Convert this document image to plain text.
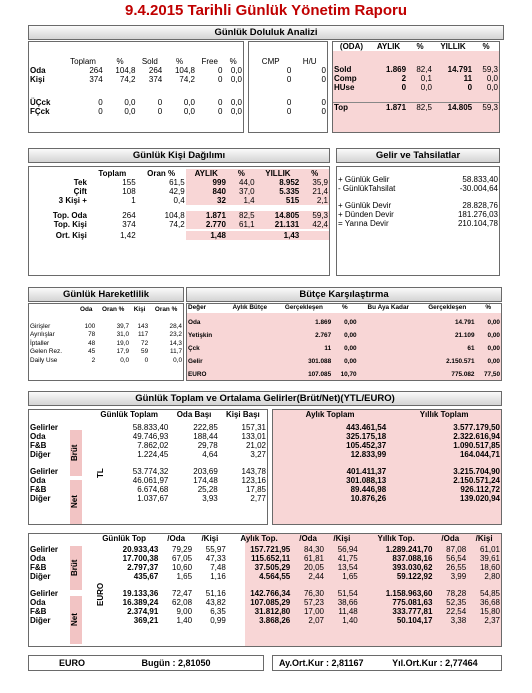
9.4.2015 Tarihli Günlük Yönetim Raporu
Günlük Doluluk Analizi
	Toplam	%	Sold	%	Free	%
Oda	264	104,8	264	104,8	0	0,0
Kişi	374	74,2	374	74,2	0	0,0

ÜÇck	0	0,0	0	0,0	0	0,0
FÇck	0	0,0	0	0,0	0	0,0
CMP	H/U
0	0
0	0

0	0
0	0
(ODA)	AYLIK	%	YILLIK	%

Sold	1.869	82,4	14.791	59,3
Comp	2	0,1	11	0,0
HUse	0	0,0	0	0,0

Top	1.871	82,5	14.805	59,3
Günlük Kişi Dağılımı
	Toplam	Oran %	AYLIK	%	YILLIK	%
Tek	155	61,5	999	44,0	8.952	35,9
Çift	108	42,9	840	37,0	5.335	21,4
3 Kişi +	1	0,4	32	1,4	515	2,1

Top. Oda	264	104,8	1.871	82,5	14.805	59,3
Top. Kişi	374	74,2	2.770	61,1	21.131	42,4

Ort. Kişi	1,42		1,48		1,43	
Gelir ve Tahsilatlar
+ Günlük Gelir	58.833,40
- GünlükTahsilat	-30.004,64

+ Günlük Devir	28.828,76
+ Dünden Devir	181.276,03
= Yarına Devir	210.104,78
Günlük Hareketlilik
	Oda	Oran %	Kişi	Oran %

Girişler	100	39,7	143	28,4
Ayrılışlar	78	31,0	117	23,2
İptaller	48	19,0	72	14,3
Gelen Rez.	45	17,9	59	11,7
Daily Use	2	0,0	0	0,0
Bütçe Karşılaştırma
Değer	Aylık Bütçe	Gerçekleşen	%	Bu Aya Kadar	Gerçekleşen	%

Oda		1.869	0,00		14.791	0,00
Yetişkin		2.767	0,00		21.109	0,00
Çck		11	0,00		61	0,00
Gelir		301.088	0,00		2.150.571	0,00
EURO		107.085	10,70		775.082	77,50
Günlük Toplam ve Ortalama Gelirler(Brüt/Net)(YTL/EURO)
Brüt
Net
TL
	Günlük Toplam	Oda Başı	Kişi Başı

Gelirler	58.833,40	222,85	157,31
Oda	49.746,93	188,44	133,01
F&B	7.862,02	29,78	21,02
Diğer	1.224,45	4,64	3,27

Gelirler	53.774,32	203,69	143,78
Oda	46.061,97	174,48	123,16
F&B	6.674,68	25,28	17,85
Diğer	1.037,67	3,93	2,77
Aylık Toplam	Yıllık Toplam

443.461,54	3.577.179,50
325.175,18	2.322.616,94
105.452,37	1.090.517,85
12.833,99	164.044,71

401.411,37	3.215.704,90
301.088,13	2.150.571,24
89.446,98	926.112,72
10.876,26	139.020,94
Brüt
Net
EURO
	Günlük Top	/Oda	/Kişi	Aylık Top.	/Oda	/Kişi	Yıllık Top.	/Oda	/Kişi

Gelirler	20.933,43	79,29	55,97	157.721,95	84,30	56,94	1.289.241,70	87,08	61,01
Oda	17.700,38	67,05	47,33	115.652,11	61,81	41,75	837.088,16	56,54	39,61
F&B	2.797,37	10,60	7,48	37.505,29	20,05	13,54	393.030,62	26,55	18,60
Diğer	435,67	1,65	1,16	4.564,55	2,44	1,65	59.122,92	3,99	2,80

Gelirler	19.133,36	72,47	51,16	142.766,34	76,30	51,54	1.158.963,60	78,28	54,85
Oda	16.389,24	62,08	43,82	107.085,29	57,23	38,66	775.081,63	52,35	36,68
F&B	2.374,91	9,00	6,35	31.812,80	17,00	11,48	333.777,81	22,54	15,80
Diğer	369,21	1,40	0,99	3.868,26	2,07	1,40	50.104,17	3,38	2,37
EURO	Bugün : 2,81050	Ay.Ort.Kur : 2,81167	Yıl.Ort.Kur : 2,77464
